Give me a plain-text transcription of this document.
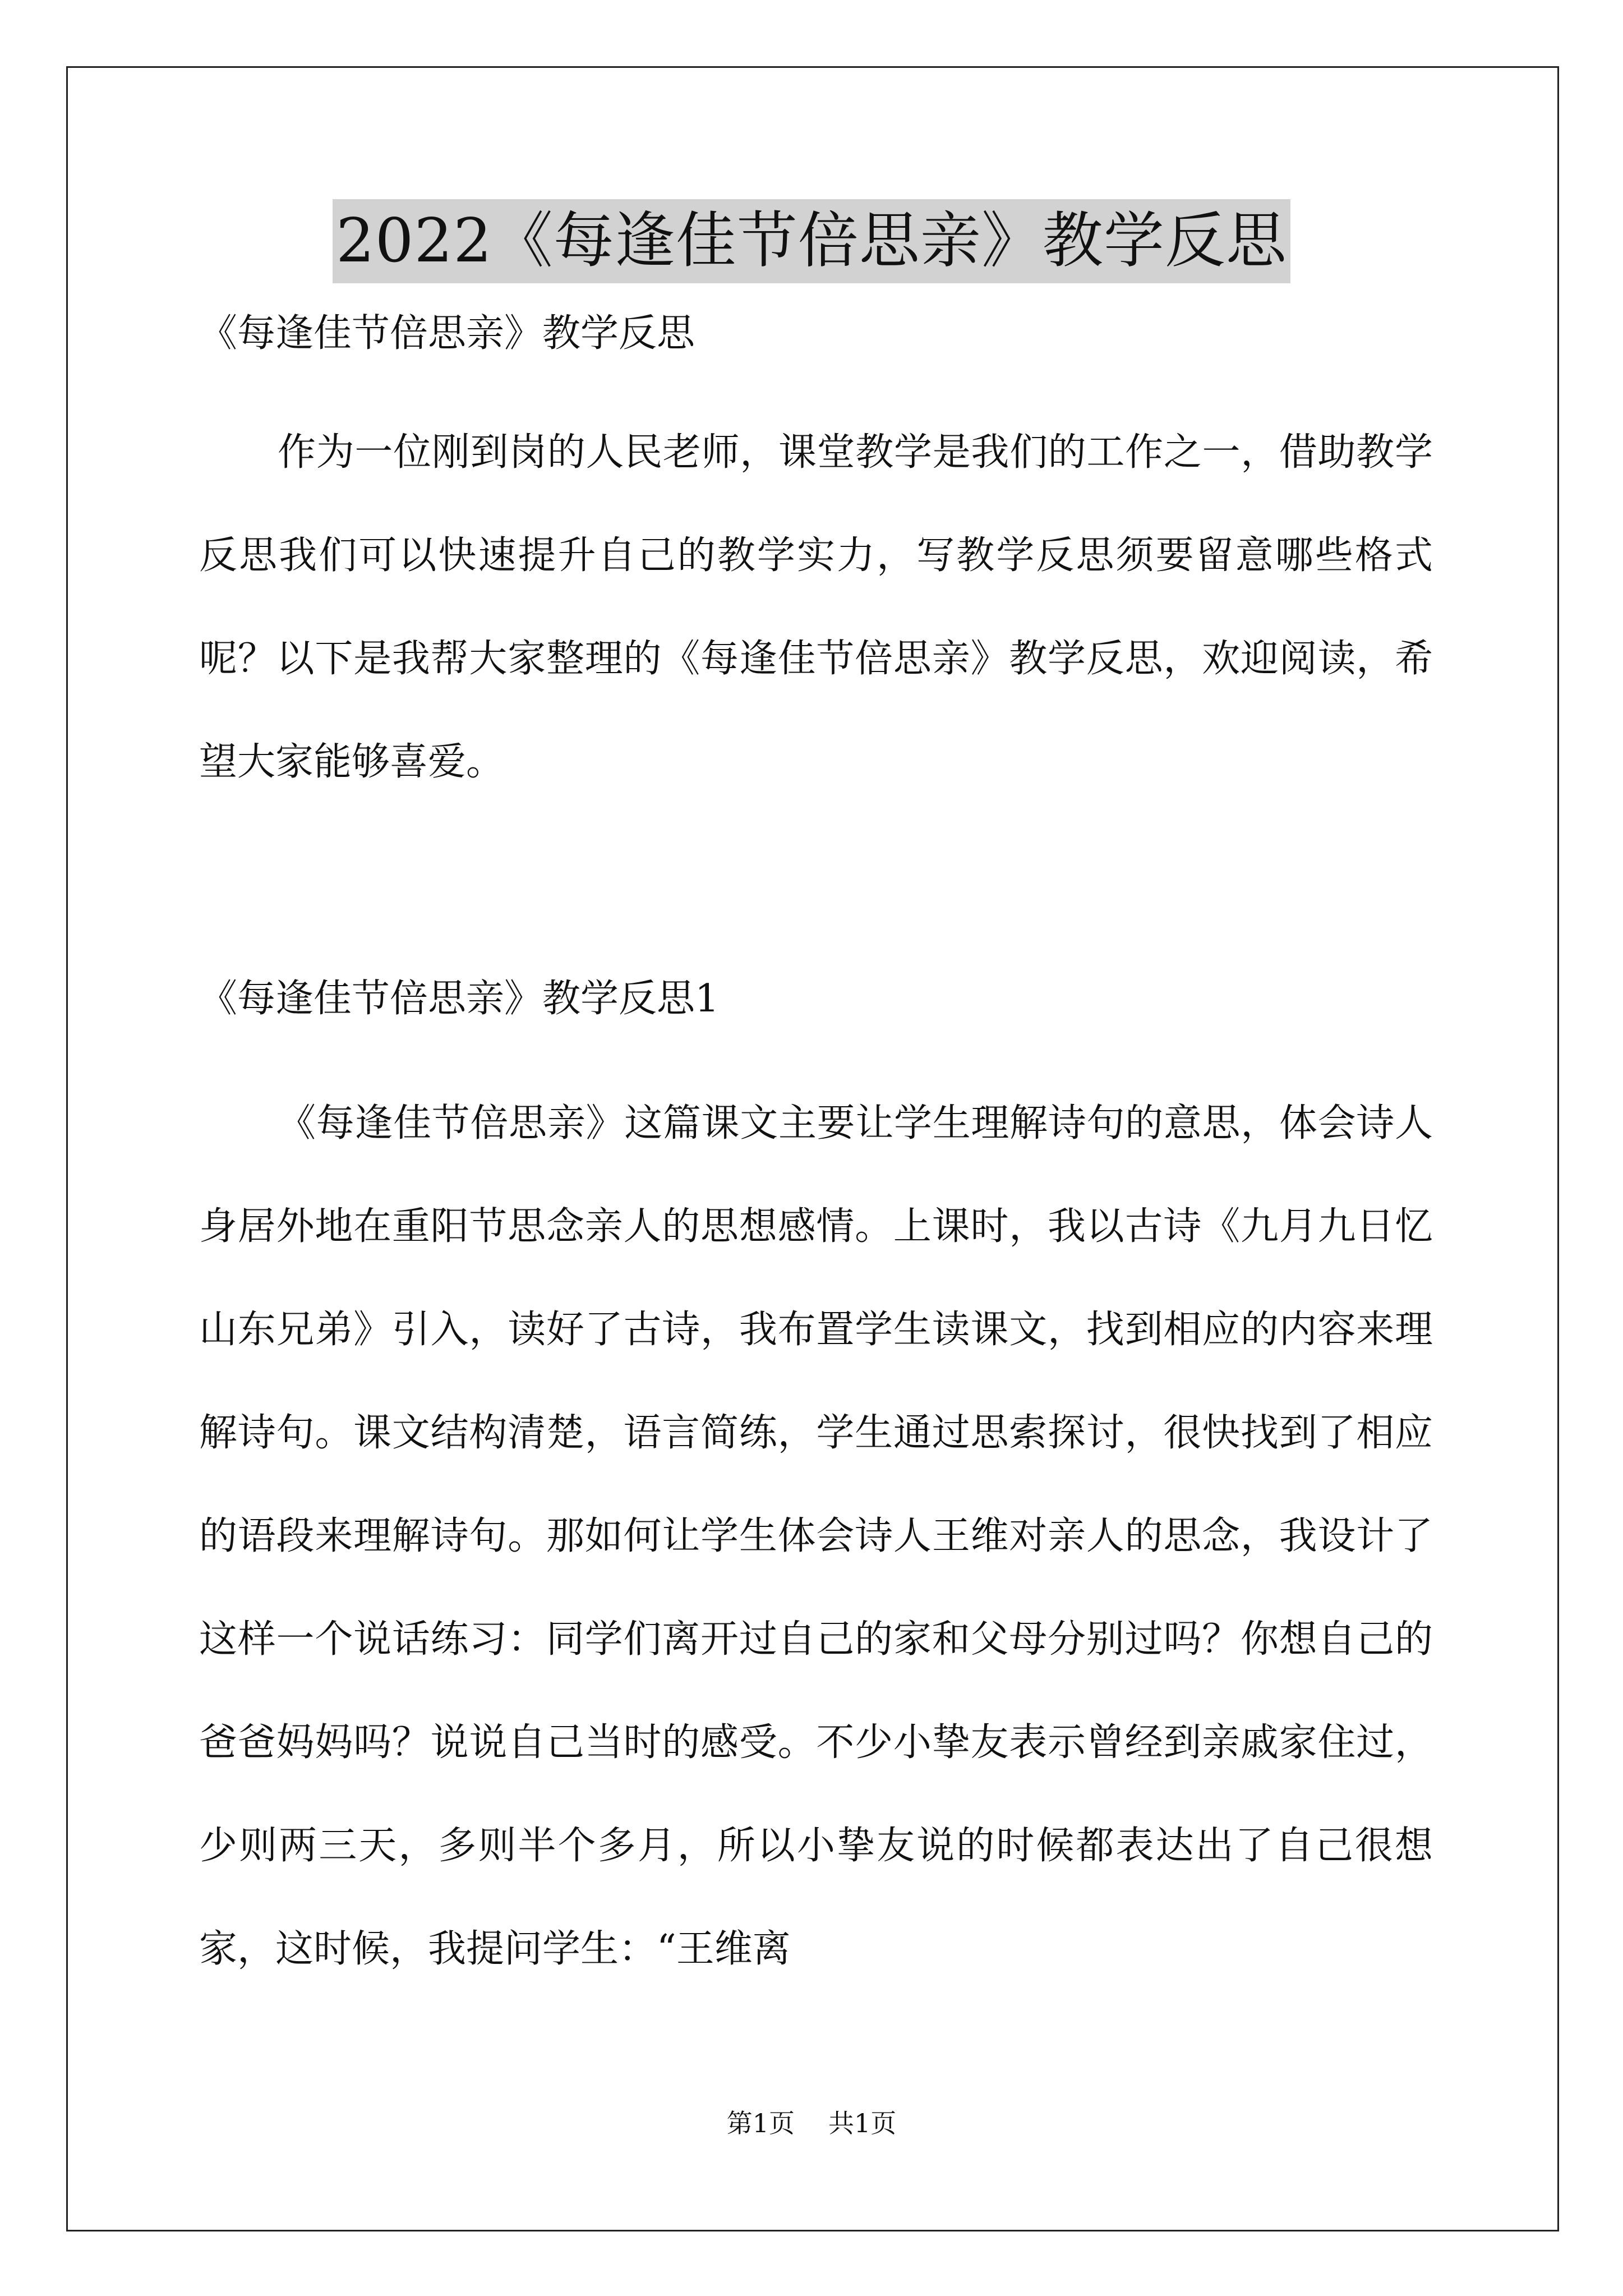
2022《每逢佳节倍思亲》教学反思

《每逢佳节倍思亲》教学反思

作为一位刚到岗的人民老师，课堂教学是我们的工作之一，借助教学反思我们可以快速提升自己的教学实力，写教学反思须要留意哪些格式呢？以下是我帮大家整理的《每逢佳节倍思亲》教学反思，欢迎阅读，希望大家能够喜爱。

《每逢佳节倍思亲》教学反思1

《每逢佳节倍思亲》这篇课文主要让学生理解诗句的意思，体会诗人身居外地在重阳节思念亲人的思想感情。上课时，我以古诗《九月九日忆山东兄弟》引入，读好了古诗，我布置学生读课文，找到相应的内容来理解诗句。课文结构清楚，语言简练，学生通过思索探讨，很快找到了相应的语段来理解诗句。那如何让学生体会诗人王维对亲人的思念，我设计了这样一个说话练习：同学们离开过自己的家和父母分别过吗？你想自己的爸爸妈妈吗？说说自己当时的感受。不少小挚友表示曾经到亲戚家住过，少则两三天，多则半个多月，所以小挚友说的时候都表达出了自己很想家，这时候，我提问学生：“王维离

第1页 共1页
